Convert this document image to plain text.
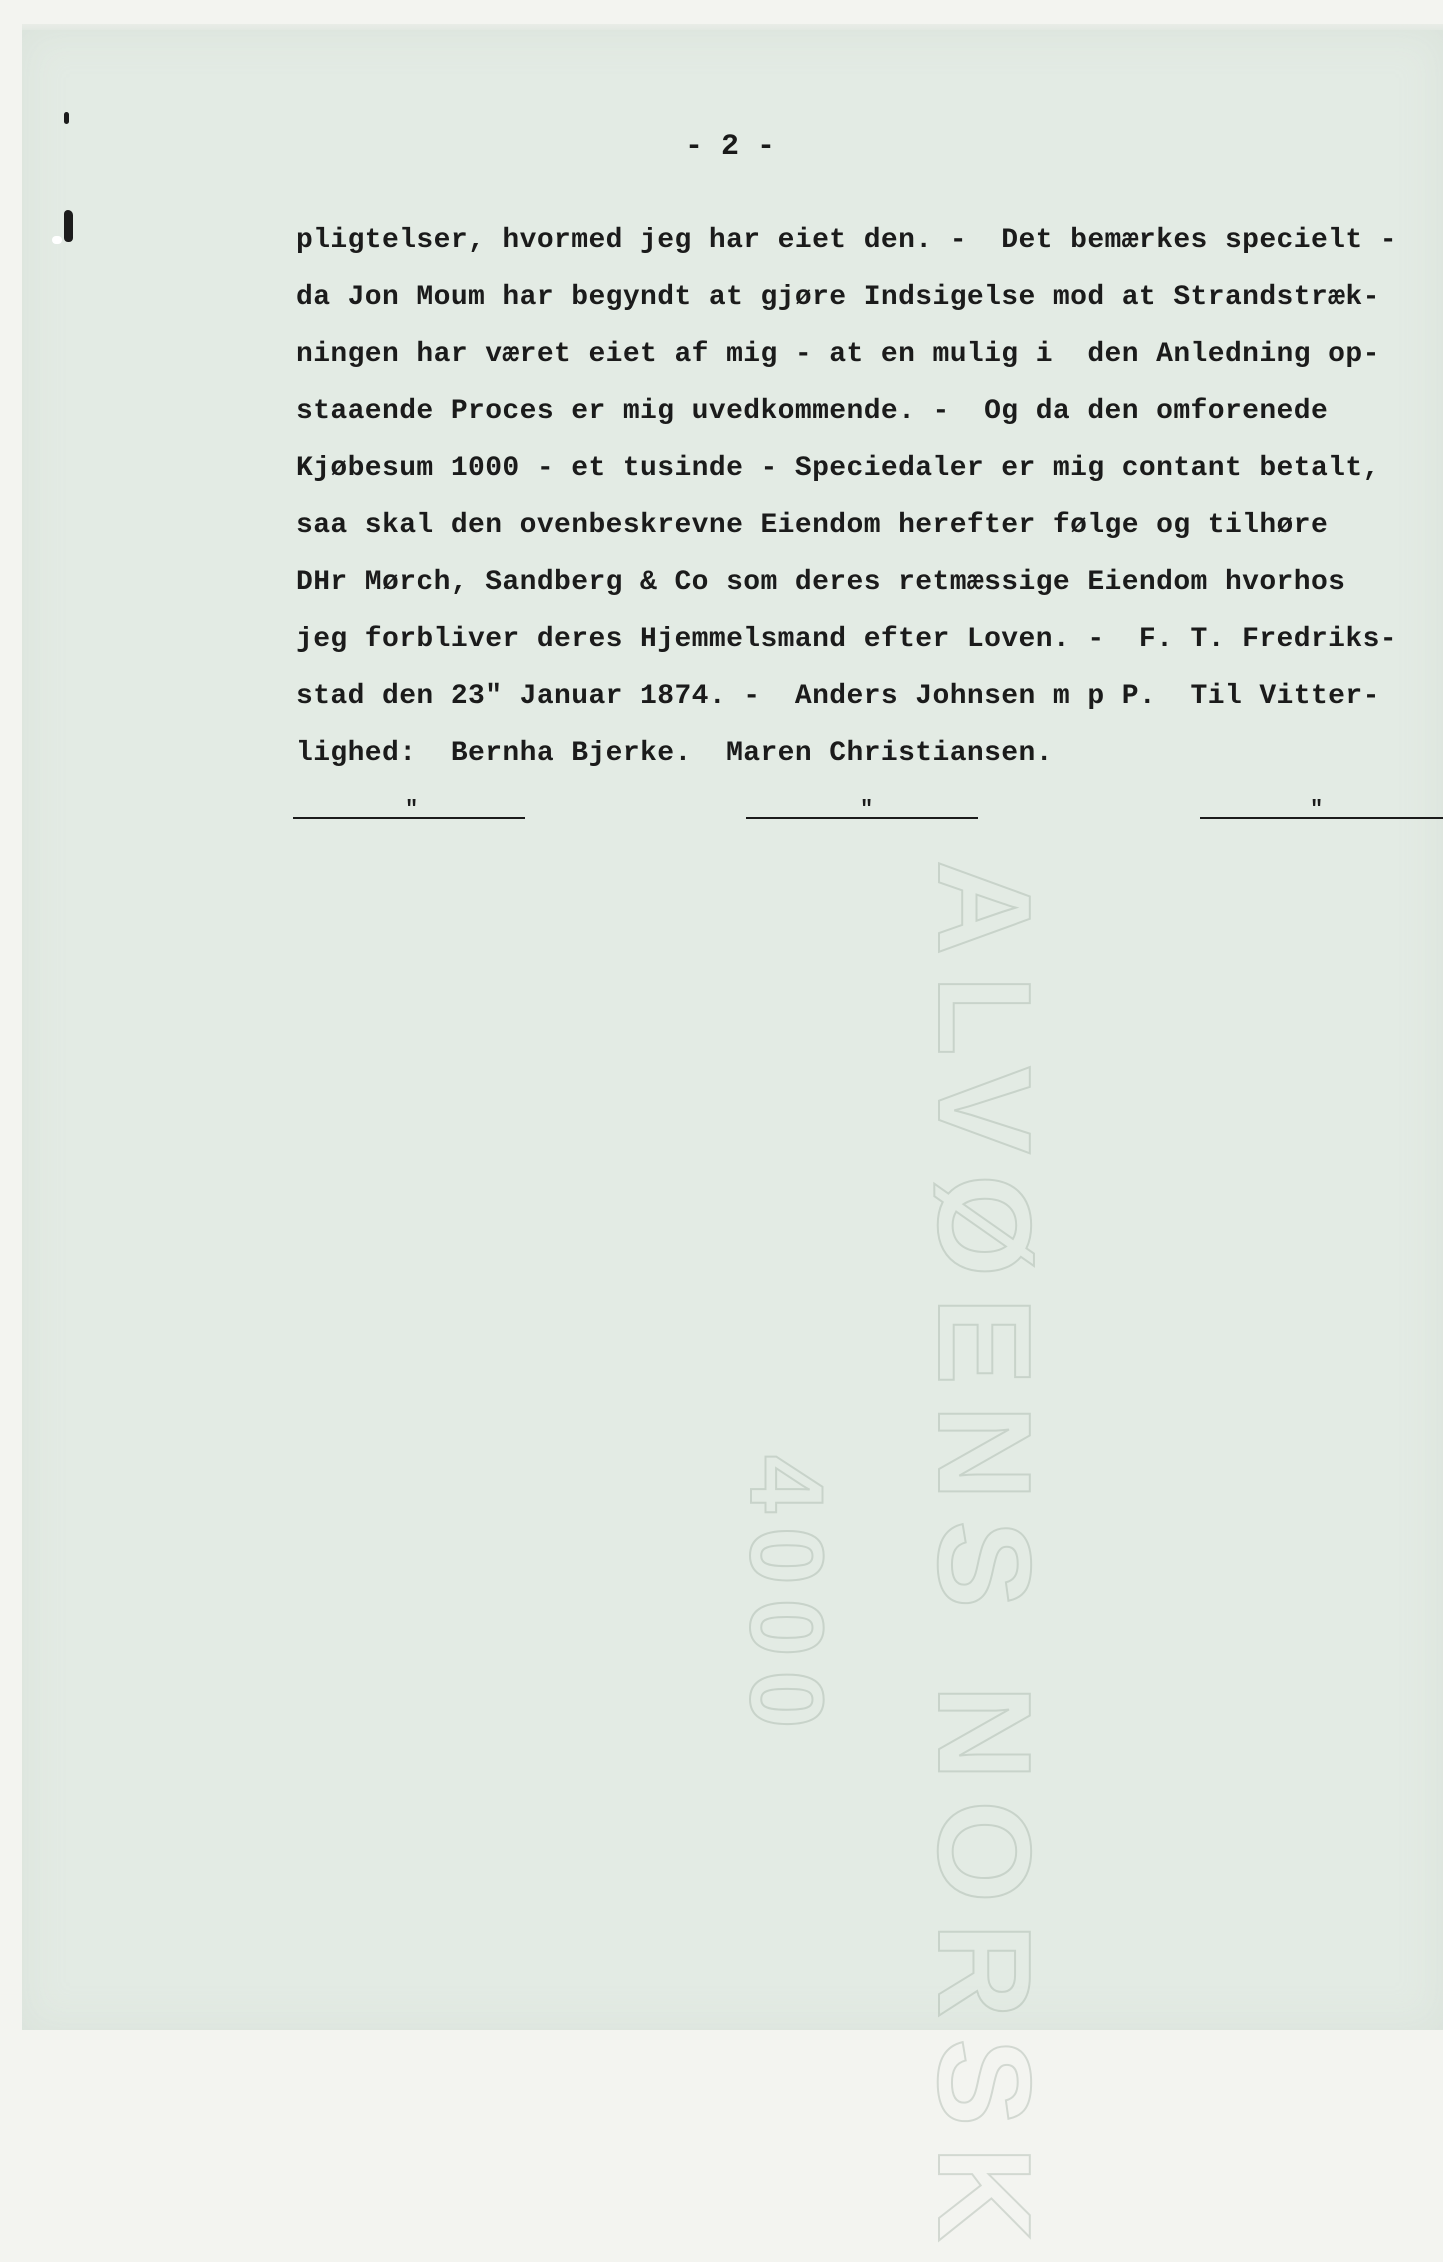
- 2 -
pligtelser, hvormed jeg har eiet den. -  Det bemærkes specielt -
da Jon Moum har begyndt at gjøre Indsigelse mod at Strandstræk-
ningen har været eiet af mig - at en mulig i  den Anledning op-
staaende Proces er mig uvedkommende. -  Og da den omforenede
Kjøbesum 1000 - et tusinde - Speciedaler er mig contant betalt,
saa skal den ovenbeskrevne Eiendom herefter følge og tilhøre
DHr Mørch, Sandberg & Co som deres retmæssige Eiendom hvorhos
jeg forbliver deres Hjemmelsmand efter Loven. -  F. T. Fredriks-
stad den 23" Januar 1874. -  Anders Johnsen m p P.  Til Vitter-
lighed:  Bernha Bjerke.  Maren Christiansen.
"	"	"
